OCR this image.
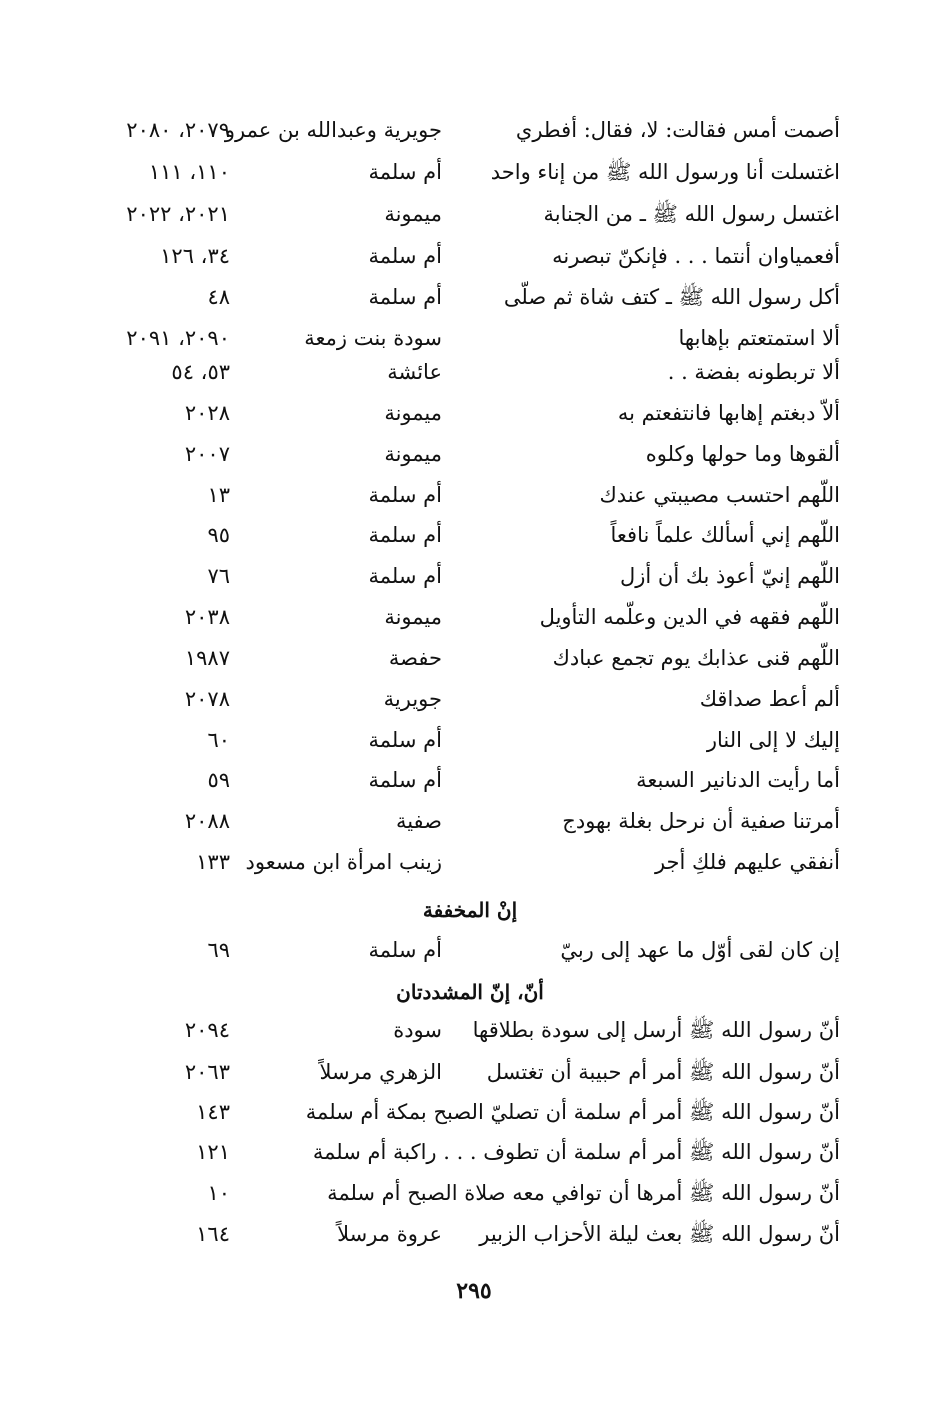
أصمت أمس فقالت: لا، فقال: أفطري
جويرية وعبدالله بن عمرو
٢٠٧٩، ٢٠٨٠
اغتسلت أنا ورسول الله ﷺ من إناء واحد
أم سلمة
١١٠، ١١١
اغتسل رسول الله ﷺ ـ من الجنابة
ميمونة
٢٠٢١، ٢٠٢٢
أفعمياوان أنتما . . . فإنكنّ تبصرنه
أم سلمة
٣٤، ١٢٦
أكل رسول الله ﷺ ـ كتف شاة ثم صلّى
أم سلمة
٤٨
ألا استمتعتم بإهابها
سودة بنت زمعة
٢٠٩٠، ٢٠٩١
ألا تربطونه بفضة . .
عائشة
٥٣، ٥٤
ألاّ دبغتم إهابها فانتفعتم به
ميمونة
٢٠٢٨
ألقوها وما حولها وكلوه
ميمونة
٢٠٠٧
اللّهم احتسب مصيبتي عندك
أم سلمة
١٣
اللّهم إني أسألك علماً نافعاً
أم سلمة
٩٥
اللّهم إنيّ أعوذ بك أن أزل
أم سلمة
٧٦
اللّهم فقهه في الدين وعلّمه التأويل
ميمونة
٢٠٣٨
اللّهم قنى عذابك يوم تجمع عبادك
حفصة
١٩٨٧
ألم أعط صداقك
جويرية
٢٠٧٨
إليك لا إلى النار
أم سلمة
٦٠
أما رأيت الدنانير السبعة
أم سلمة
٥٩
أمرتنا صفية أن نرحل بغلة بهودج
صفية
٢٠٨٨
أنفقي عليهم فلكِ أجر
زينب امرأة ابن مسعود
١٣٣
إنْ المخففة
إن كان لقى أوّل ما عهد إلى ربيّ
أم سلمة
٦٩
أنّ، إنّ المشددتان
أنّ رسول الله ﷺ أرسل إلى سودة بطلاقها
سودة
٢٠٩٤
أنّ رسول الله ﷺ أمر أم حبيبة أن تغتسل
الزهري مرسلاً
٢٠٦٣
أنّ رسول الله ﷺ أمر أم سلمة أن تصليّ الصبح بمكة أم سلمة
١٤٣
أنّ رسول الله ﷺ أمر أم سلمة أن تطوف . . . راكبة أم سلمة
١٢١
أنّ رسول الله ﷺ أمرها أن توافي معه صلاة الصبح أم سلمة
١٠
أنّ رسول الله ﷺ بعث ليلة الأحزاب الزبير
عروة مرسلاً
١٦٤
٢٩٥
